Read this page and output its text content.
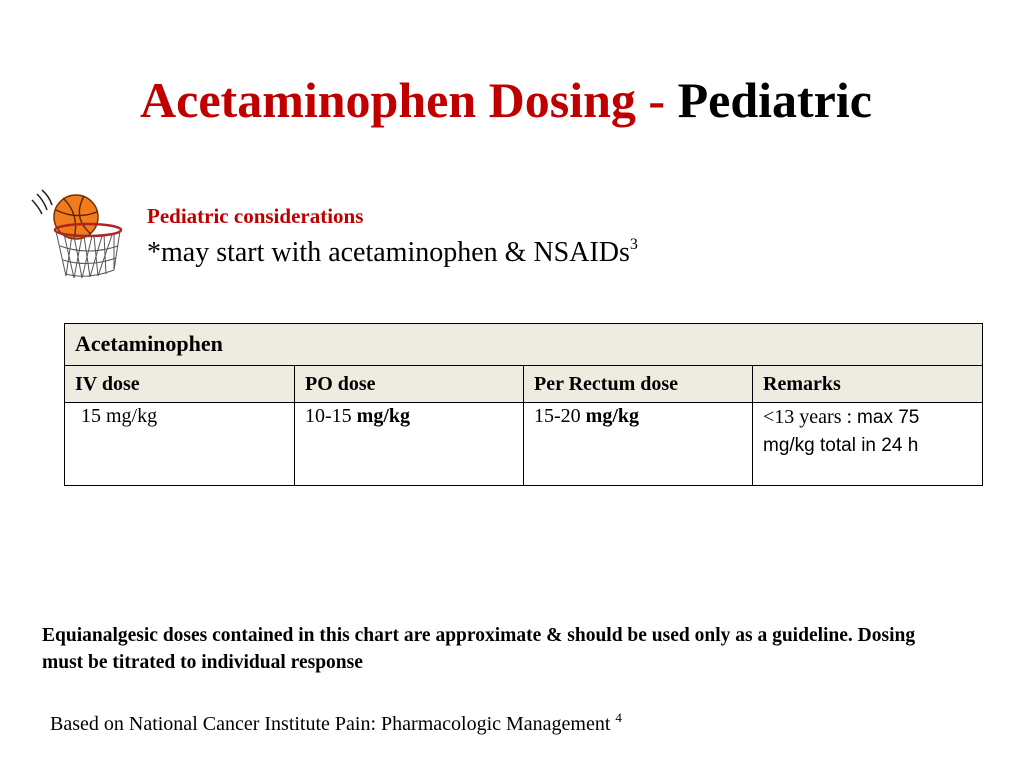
Acetaminophen Dosing - Pediatric
Pediatric considerations
*may start with acetaminophen & NSAIDs$^3$
Acetaminophen			
IV dose	PO dose	Per Rectum dose	Remarks
15 mg/kg	10-15 mg/kg	15-20 mg/kg	<13 years : max 75 mg/kg total in 24 h
Equianalgesic doses contained in this chart are approximate & should be used only as a guideline. Dosing must be titrated to individual response
Based on National Cancer Institute Pain: Pharmacologic Management $^4$
